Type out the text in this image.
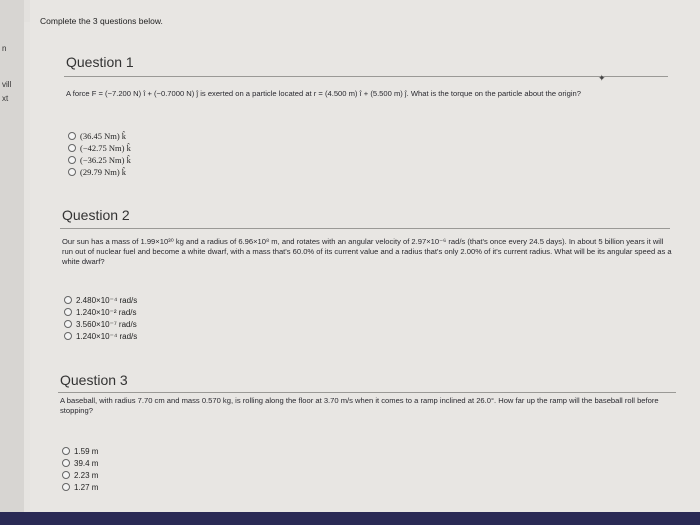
n
vill
xt
Complete the 3 questions below.
Question 1
✦
A force F = (−7.200 N) î + (−0.7000 N) ĵ is exerted on a particle located at r = (4.500 m) î + (5.500 m) ĵ. What is the torque on the particle about the origin?
(36.45 Nm) k̂
(−42.75 Nm) k̂
(−36.25 Nm) k̂
(29.79 Nm) k̂
Question 2
Our sun has a mass of 1.99×10³⁰ kg and a radius of 6.96×10⁸ m, and rotates with an angular velocity of 2.97×10⁻⁶ rad/s (that's once every 24.5 days). In about 5 billion years it will run out of nuclear fuel and become a white dwarf, with a mass that's 60.0% of its current value and a radius that's only 2.00% of it's current radius. What will be its angular speed as a white dwarf?
2.480×10⁻⁴ rad/s
1.240×10⁻² rad/s
3.560×10⁻⁷ rad/s
1.240×10⁻⁴ rad/s
Question 3
A baseball, with radius 7.70 cm and mass 0.570 kg, is rolling along the floor at 3.70 m/s when it comes to a ramp inclined at 26.0°. How far up the ramp will the baseball roll before stopping?
1.59 m
39.4 m
2.23 m
1.27 m
